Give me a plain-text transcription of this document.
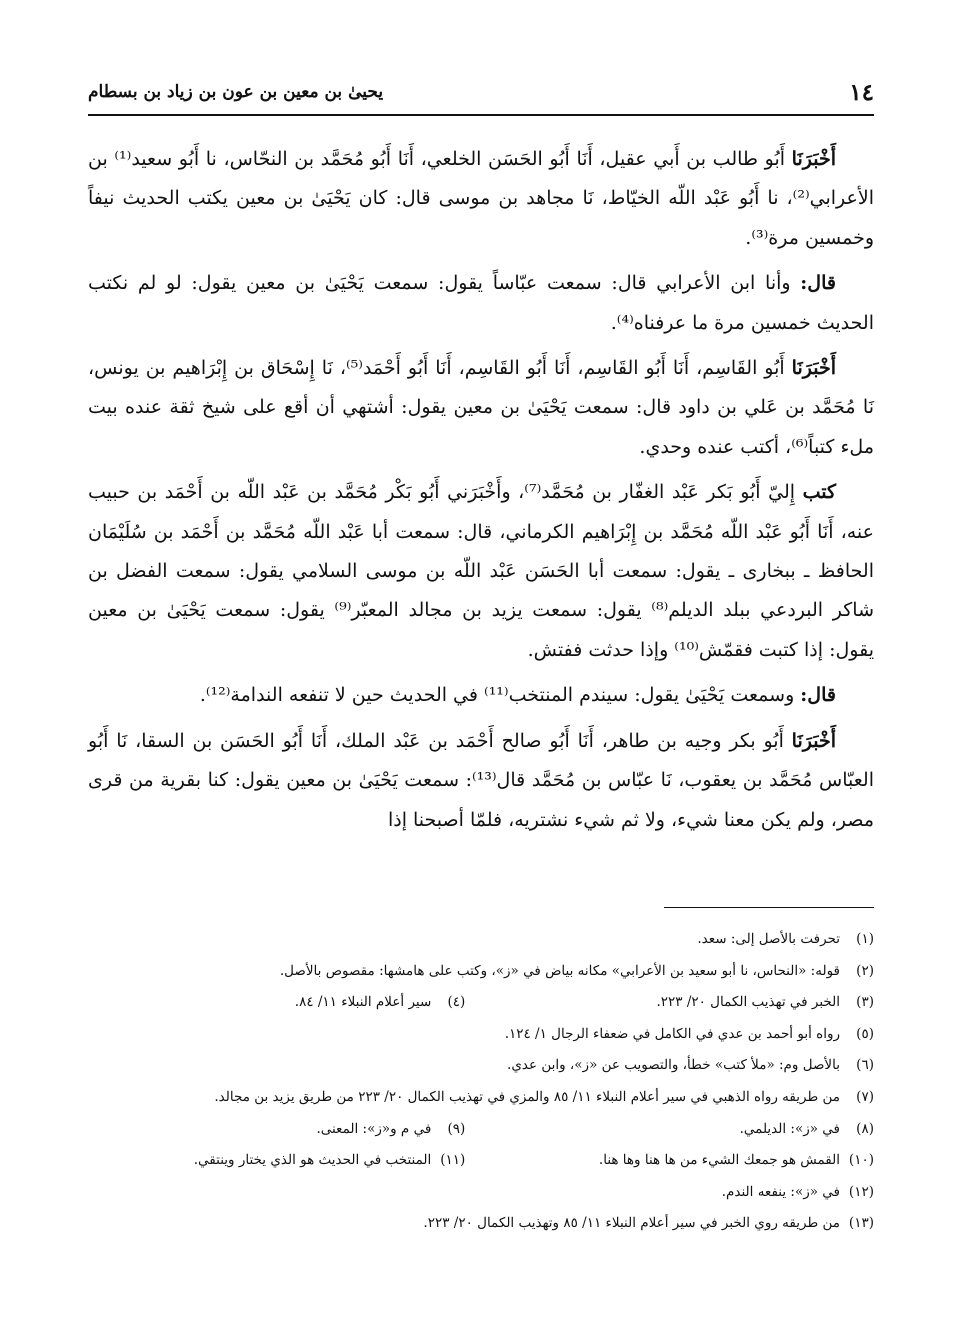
١٤
يحيىٰ بن معين بن عون بن زياد بن بسطام

أَخْبَرَنَا أَبُو طالب بن أَبي عقيل، أَنَا أَبُو الحَسَن الخلعي، أَنَا أَبُو مُحَمَّد بن النحّاس، نا أَبُو سعيد⁽¹⁾ بن الأعرابي⁽²⁾، نا أَبُو عَبْد اللّه الخيّاط، نَا مجاهد بن موسى قال: كان يَحْيَىٰ بن معين يكتب الحديث نيفاً وخمسين مرة⁽³⁾.

قال: وأنا ابن الأعرابي قال: سمعت عبّاساً يقول: سمعت يَحْيَىٰ بن معين يقول: لو لم نكتب الحديث خمسين مرة ما عرفناه⁽⁴⁾.

أَخْبَرَنَا أَبُو القَاسِم، أَنَا أَبُو القَاسِم، أَنَا أَبُو القَاسِم، أَنَا أَبُو أَحْمَد⁽⁵⁾، نَا إِسْحَاق بن إِبْرَاهيم بن يونس، نَا مُحَمَّد بن عَلي بن داود قال: سمعت يَحْيَىٰ بن معين يقول: أشتهي أن أقع على شيخ ثقة عنده بيت ملء كتباً⁽⁶⁾، أكتب عنده وحدي.

كتب إِليّ أَبُو بَكر عَبْد الغفّار بن مُحَمَّد⁽⁷⁾، وأَخْبَرَني أَبُو بَكْر مُحَمَّد بن عَبْد اللّه بن أَحْمَد بن حبيب عنه، أَنَا أَبُو عَبْد اللّه مُحَمَّد بن إِبْرَاهيم الكرماني، قال: سمعت أبا عَبْد اللّه مُحَمَّد بن أَحْمَد بن سُلَيْمَان الحافظ ـ ببخارى ـ يقول: سمعت أبا الحَسَن عَبْد اللّه بن موسى السلامي يقول: سمعت الفضل بن شاكر البردعي ببلد الديلم⁽⁸⁾ يقول: سمعت يزيد بن مجالد المعبّر⁽⁹⁾ يقول: سمعت يَحْيَىٰ بن معين يقول: إذا كتبت فقمّش⁽¹⁰⁾ وإذا حدثت ففتش.

قال: وسمعت يَحْيَىٰ يقول: سيندم المنتخب⁽¹¹⁾ في الحديث حين لا تنفعه الندامة⁽¹²⁾.

أَخْبَرَنَا أَبُو بكر وجيه بن طاهر، أَنَا أَبُو صالح أَحْمَد بن عَبْد الملك، أَنَا أَبُو الحَسَن بن السقا، نَا أَبُو العبّاس مُحَمَّد بن يعقوب، نَا عبّاس بن مُحَمَّد قال⁽¹³⁾: سمعت يَحْيَىٰ بن معين يقول: كنا بقرية من قرى مصر، ولم يكن معنا شيء، ولا ثم شيء نشتريه، فلمّا أصبحنا إذا

(١)
تحرفت بالأصل إلى: سعد.
(٢)
قوله: «النحاس، نا أبو سعيد بن الأعرابي» مكانه بياض في «ز»، وكتب على هامشها: مقصوص بالأصل.
(٣)
الخبر في تهذيب الكمال ٢٠/ ٢٢٣.
(٤)
سير أعلام النبلاء ١١/ ٨٤.
(٥)
رواه أبو أحمد بن عدي في الكامل في ضعفاء الرجال ١/ ١٢٤.
(٦)
بالأصل وم: «ملأ كتب» خطأ، والتصويب عن «ز»، وابن عدي.
(٧)
من طريقه رواه الذهبي في سير أعلام النبلاء ١١/ ٨٥ والمزي في تهذيب الكمال ٢٠/ ٢٢٣ من طريق يزيد بن مجالد.
(٨)
في «ز»: الديلمي.
(٩)
في م و«ز»: المعنى.
(١٠)
القمش هو جمعك الشيء من ها هنا وها هنا.
(١١)
المنتخب في الحديث هو الذي يختار وينتقي.
(١٢)
في «ز»: ينفعه الندم.
(١٣)
من طريقه روي الخبر في سير أعلام النبلاء ١١/ ٨٥ وتهذيب الكمال ٢٠/ ٢٢٣.
